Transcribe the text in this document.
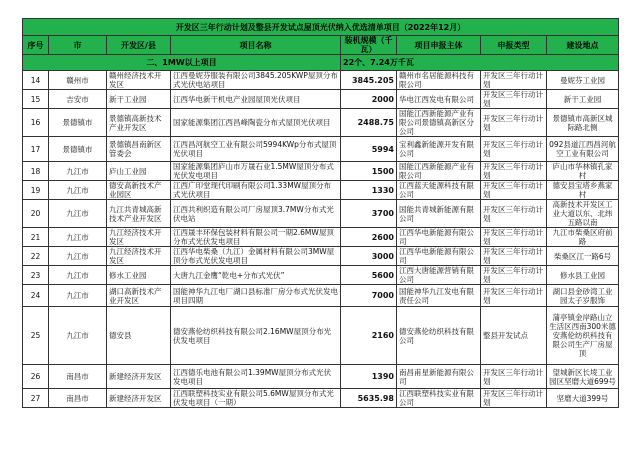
开发区三年行动计划及整县开发试点屋顶光伏纳入优选清单项目（2022年12月）							
序号	市	开发区/县	项目名称	装机规模（千瓦）	项目申报主体	申报类型	建设地点
二、1MW以上项目				22个、7.24万千瓦			
14	赣州市	赣州经济技术开发区	江西曼妮芬服装有限公司3845.205KWP屋顶分布式光伏电站项目	3845.205	赣州市名居能源科技有限公司	开发区三年行动计划	曼妮芬工业园
15	吉安市	新干工业园	江西华电新干机电产业园屋顶光伏项目	2000	华电江西发电有限公司	开发区三年行动计划	新干工业园
16	景德镇市	景德镇高新技术产业开发区	国家能源集团江西昌峰陶瓷分布式屋顶光伏项目	2488.75	国能江西新能源产业有限公司景德镇高新区分公司	开发区三年行动计划	景德镇市高新区城际路北侧
17	景德镇市	景德镇昌南新区管委会	江西昌河航空工业有限公司5994KWp分布式屋顶光伏项目	5994	宝利鑫新能源开发有限公司	开发区三年行动计划	092县道江西昌河航空工业有限公司
18	九江市	庐山工业园	国家能源集团庐山市万晟石业1.5MW屋顶分布式光伏发电项目	1500	国能江西新能源产业有限公司	开发区三年行动计划	庐山市华林镇孔家村
19	九江市	德安高新技术产业园区	江西广印堂现代印刷有限公司1.33MW屋顶分布式光伏项目	1330	江西蓝天能源科技有限公司	开发区三年行动计划	德安县宝塔乡燕家村
20	九江市	九江共青城高新技术产业开发区	江西共利织造有限公司厂房屋顶3.7MW分布式光伏电站	3700	国能共青城新能源有限公司	开发区三年行动计划	高新技术开发区工业大道以东、北纬五路以南
21	九江市	九江经济技术开发区	江西晟丰环保包装材料有限公司一期2.6MW屋顶分布式光伏发电项目	2600	江西华电新能源有限公司	开发区三年行动计划	九江市柴桑区府前路
22	九江市	九江经济技术开发区	江西华电柴桑（九江）金属材料有限公司3MW屋顶分布式光伏发电项目	3000	江西华电新能源有限公司	开发区三年行动计划	柴桑区江一路6号
23	九江市	修水工业园	大唐九江金鹰“乾电+分布式光伏”	5600	江西大唐能源营销有限公司	开发区三年行动计划	修水县工业园
24	九江市	湖口高新技术产业开发区	国能神华九江电厂湖口县标准厂房分布式光伏发电项目四期	7000	国能神华九江发电有限责任公司	开发区三年行动计划	湖口县金砂湾工业园太子岁服饰
25	九江市	德安县	德安燕伦纺织科技有限公司2.16MW屋顶分布光伏发电项目	2160	德安燕伦纺织科技有限公司	整县开发试点	蒲亭镇金岸路山立生活区西南300米德安燕伦纺织科技有限公司生产厂房屋顶
26	南昌市	新建经济开发区	江西德乐电池有限公司1.39MW屋顶分布式光伏发电项目	1390	南昌甫星新能源有限公司	开发区三年行动计划	望城新区长堎工业园区坚磨大道699号
27	南昌市	新建经济开发区	江西联塑科技实业有限公司5.6MW屋顶分布式光伏发电项目（一期）	5635.98	江西联塑科技实业有限公司	开发区三年行动计划	坚磨大道399号
